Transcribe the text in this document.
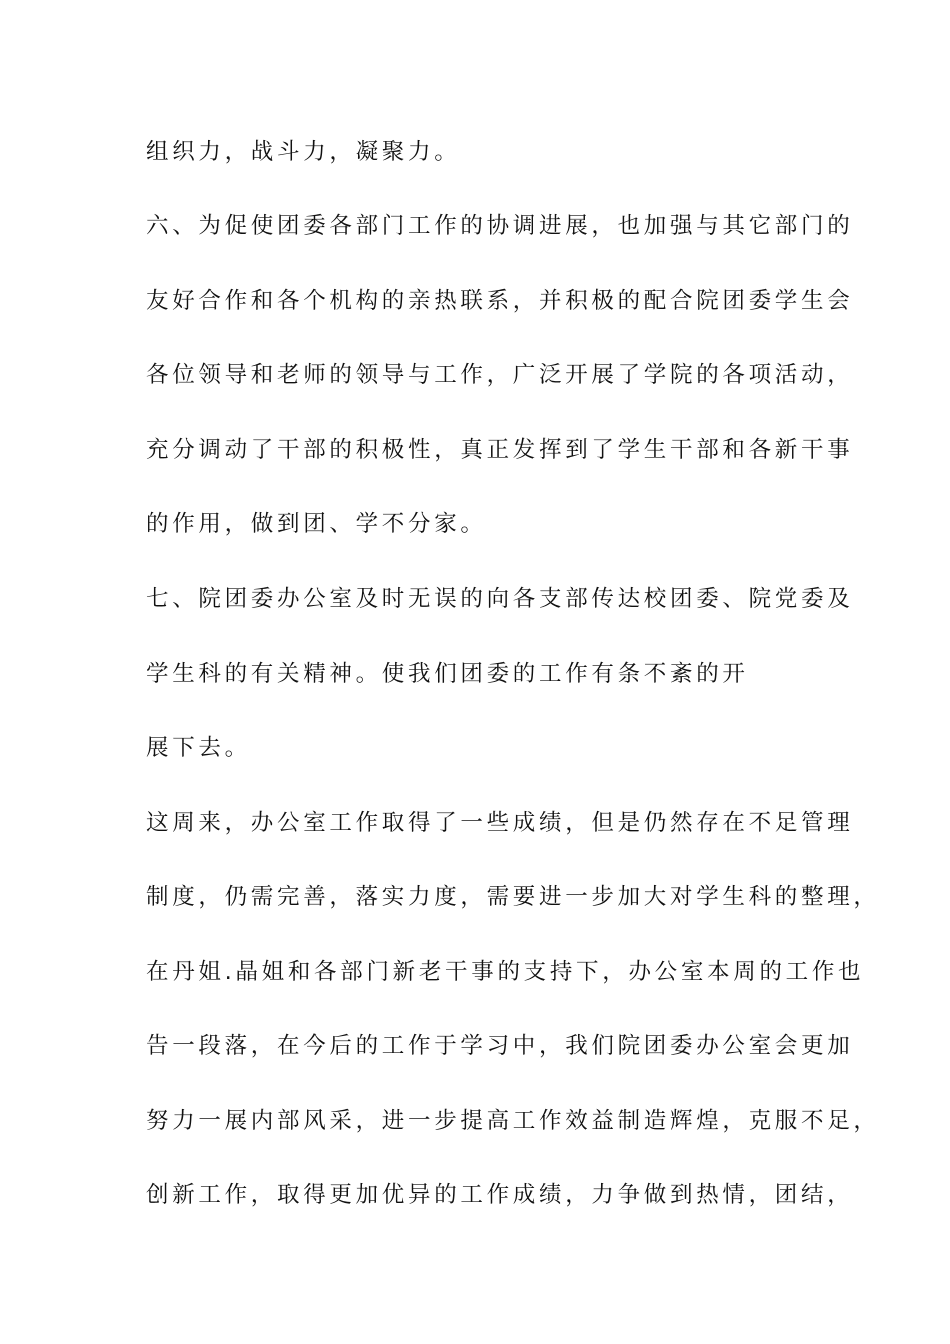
组织力，战斗力，凝聚力。
六、为促使团委各部门工作的协调进展，也加强与其它部门的
友好合作和各个机构的亲热联系，并积极的配合院团委学生会
各位领导和老师的领导与工作，广泛开展了学院的各项活动，
充分调动了干部的积极性，真正发挥到了学生干部和各新干事
的作用，做到团、学不分家。
七、院团委办公室及时无误的向各支部传达校团委、院党委及
学生科的有关精神。使我们团委的工作有条不紊的开
展下去。
这周来，办公室工作取得了一些成绩，但是仍然存在不足管理
制度，仍需完善，落实力度，需要进一步加大对学生科的整理，
在丹姐.晶姐和各部门新老干事的支持下，办公室本周的工作也
告一段落，在今后的工作于学习中，我们院团委办公室会更加
努力一展内部风采，进一步提高工作效益制造辉煌，克服不足，
创新工作，取得更加优异的工作成绩，力争做到热情，团结，
